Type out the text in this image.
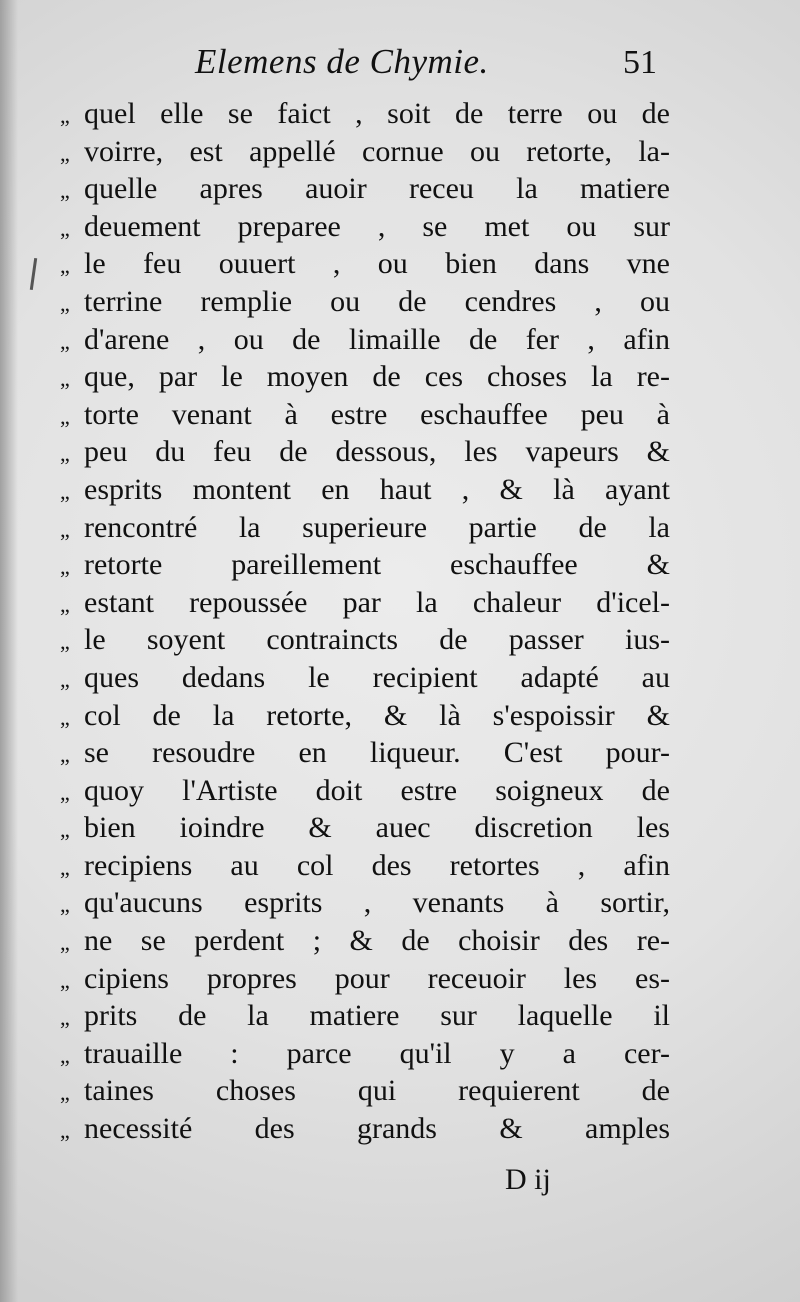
Elemens de Chymie.	51
„ quel elle se faict , soit de terre ou de
„ voirre, est appellé cornue ou retorte, la-
„ quelle apres auoir receu la matiere
„ deuement preparee , se met ou sur
„ le feu ouuert , ou bien dans vne
„ terrine remplie ou de cendres , ou
„ d'arene , ou de limaille de fer , afin
„ que, par le moyen de ces choses la re-
„ torte venant à estre eschauffee peu à
„ peu du feu de dessous, les vapeurs &
„ esprits montent en haut , & là ayant
„ rencontré la superieure partie de la
„ retorte pareillement eschauffee &
„ estant repoussée par la chaleur d'icel-
„ le soyent contraincts de passer ius-
„ ques dedans le recipient adapté au
„ col de la retorte, & là s'espoissir &
„ se resoudre en liqueur. C'est pour-
„ quoy l'Artiste doit estre soigneux de
„ bien ioindre & auec discretion les
„ recipiens au col des retortes , afin
„ qu'aucuns esprits , venants à sortir,
„ ne se perdent ; & de choisir des re-
„ cipiens propres pour receuoir les es-
„ prits de la matiere sur laquelle il
„ trauaille : parce qu'il y a cer-
„ taines choses qui requierent de
„ necessité des grands & amples
D ij
